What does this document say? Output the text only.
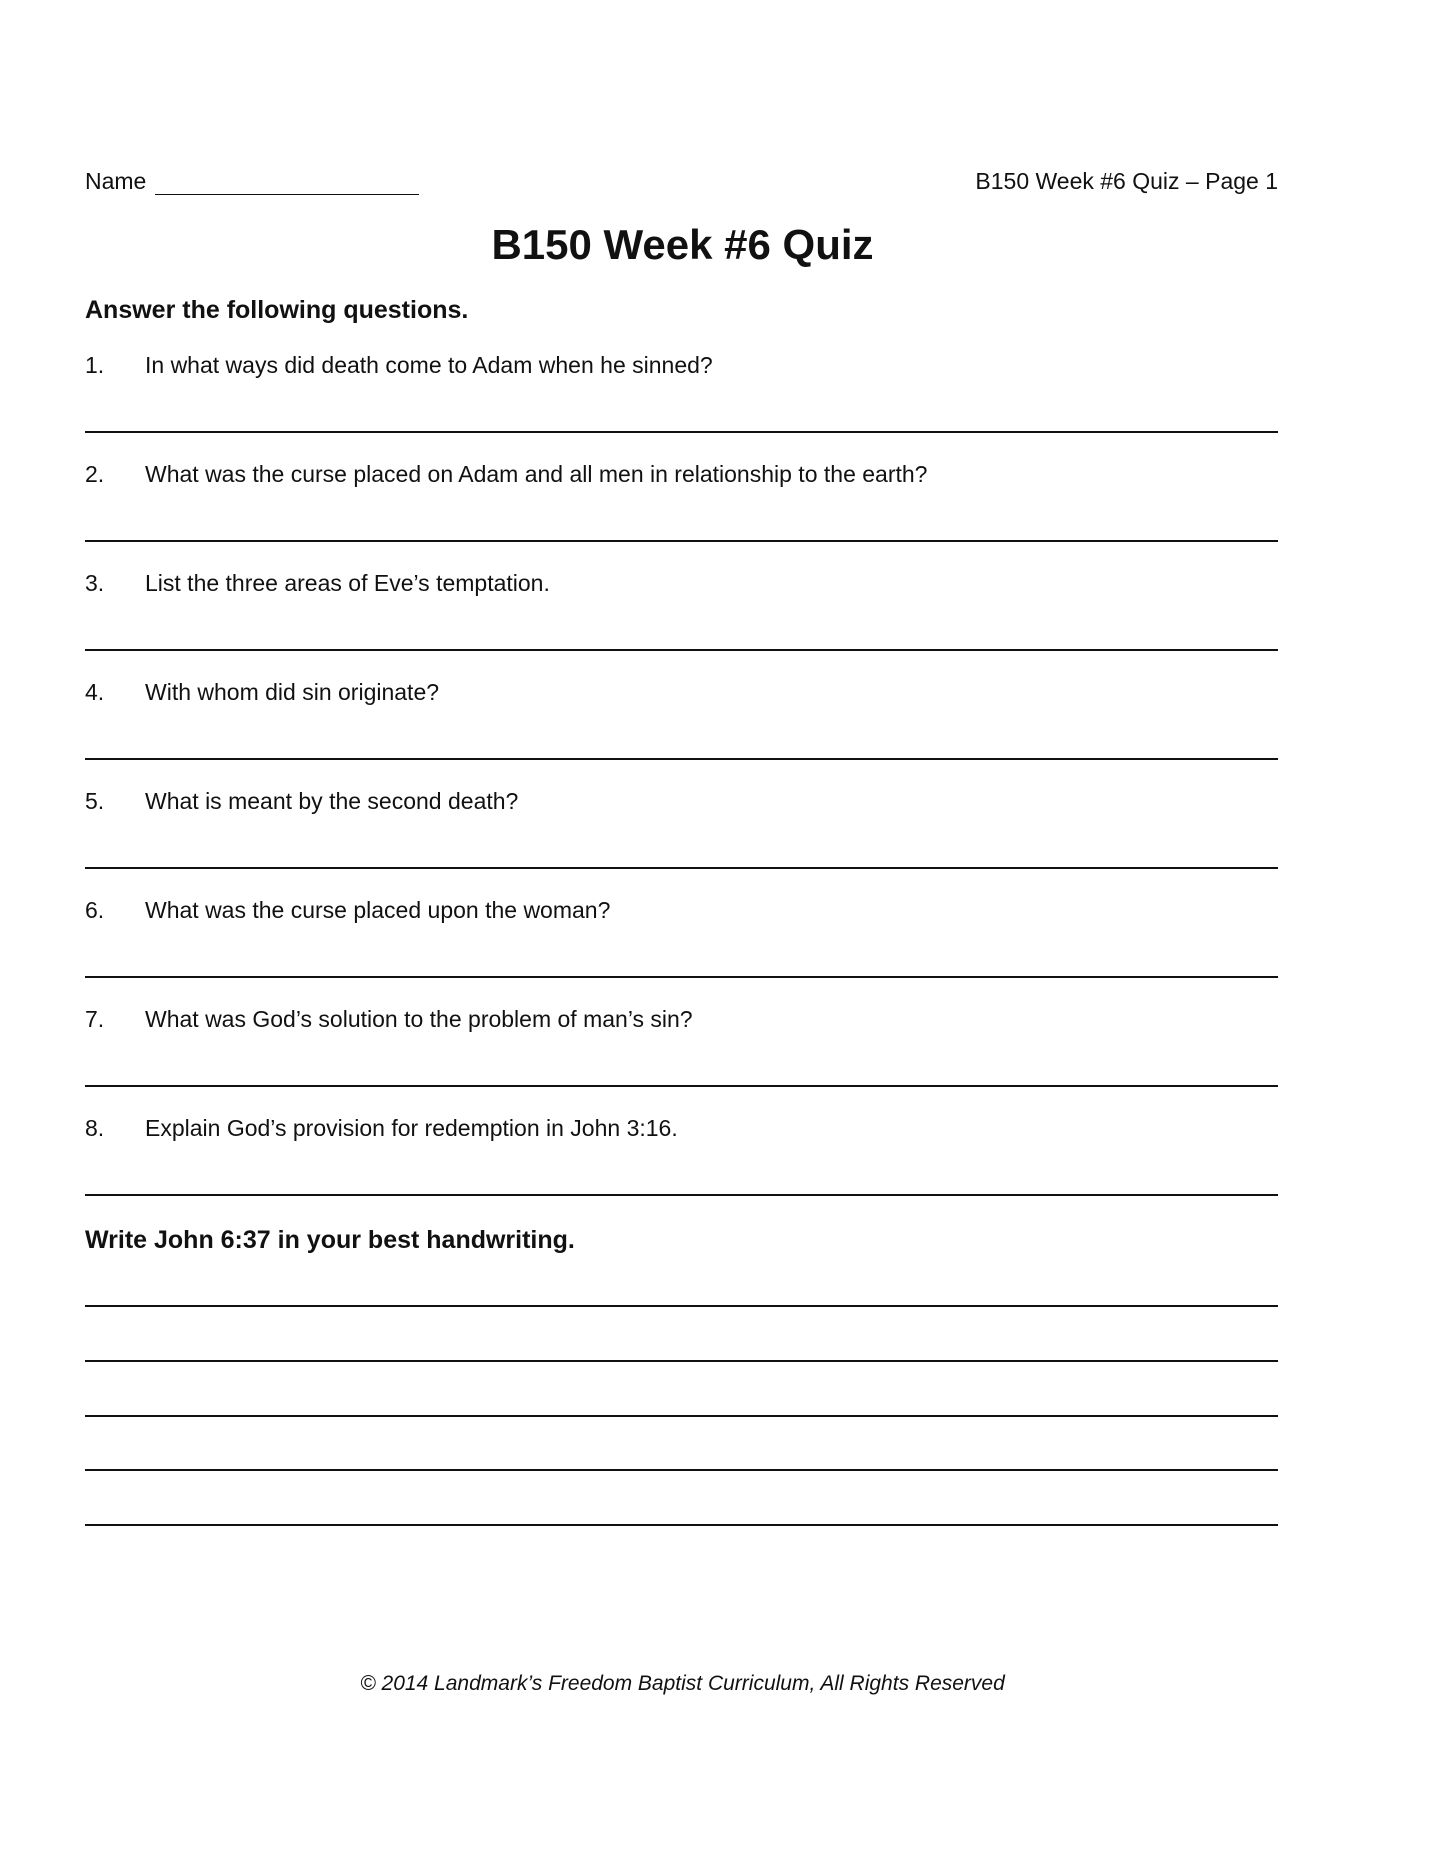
Name	B150 Week #6 Quiz – Page 1
B150 Week #6 Quiz
Answer the following questions.
1. In what ways did death come to Adam when he sinned?
2. What was the curse placed on Adam and all men in relationship to the earth?
3. List the three areas of Eve’s temptation.
4. With whom did sin originate?
5. What is meant by the second death?
6. What was the curse placed upon the woman?
7. What was God’s solution to the problem of man’s sin?
8. Explain God’s provision for redemption in John 3:16.
Write John 6:37 in your best handwriting.
© 2014 Landmark’s Freedom Baptist Curriculum, All Rights Reserved
